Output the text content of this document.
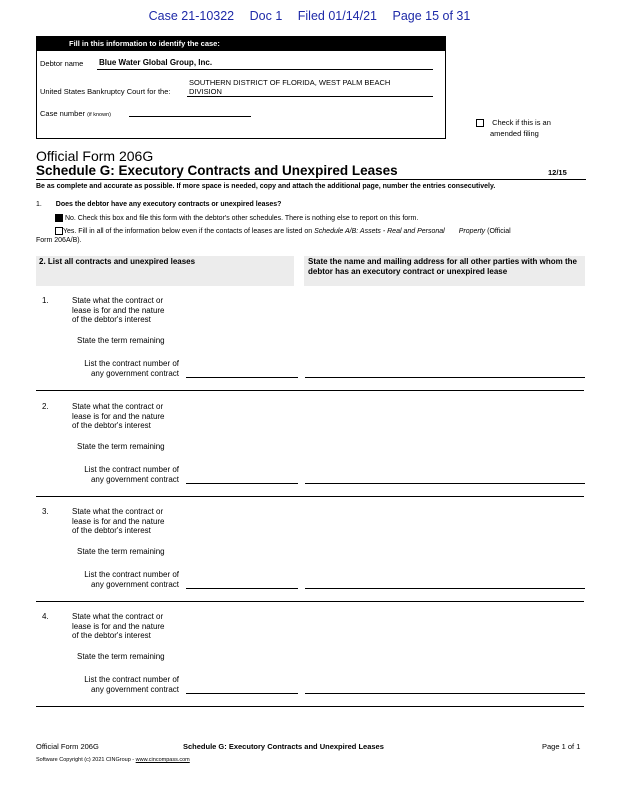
Case 21-10322 Doc 1 Filed 01/14/21 Page 15 of 31
Fill in this information to identify the case:
Debtor name Blue Water Global Group, Inc.
United States Bankruptcy Court for the:
SOUTHERN DISTRICT OF FLORIDA, WEST PALM BEACH
DIVISION
Case number (if known)
Check if this is an
amended filing
Official Form 206G
Schedule G: Executory Contracts and Unexpired Leases	12/15
Be as complete and accurate as possible. If more space is needed, copy and attach the additional page, number the entries consecutively.
1. Does the debtor have any executory contracts or unexpired leases?
No. Check this box and file this form with the debtor's other schedules. There is nothing else to report on this form.
Yes. Fill in all of the information below even if the contacts of leases are listed on Schedule A/B: Assets - Real and Personal Property (Official
Form 206A/B).
2. List all contracts and unexpired leases	State the name and mailing address for all other parties with whom the debtor has an executory contract or unexpired lease
1.	State what the contract or
lease is for and the nature
of the debtor's interest
State the term remaining
List the contract number of
any government contract
2.	State what the contract or
lease is for and the nature
of the debtor's interest
State the term remaining
List the contract number of
any government contract
3.	State what the contract or
lease is for and the nature
of the debtor's interest
State the term remaining
List the contract number of
any government contract
4.	State what the contract or
lease is for and the nature
of the debtor's interest
State the term remaining
List the contract number of
any government contract
Official Form 206G	Schedule G: Executory Contracts and Unexpired Leases	Page 1 of 1
Software Copyright (c) 2021 CINGroup - www.cincompass.com
